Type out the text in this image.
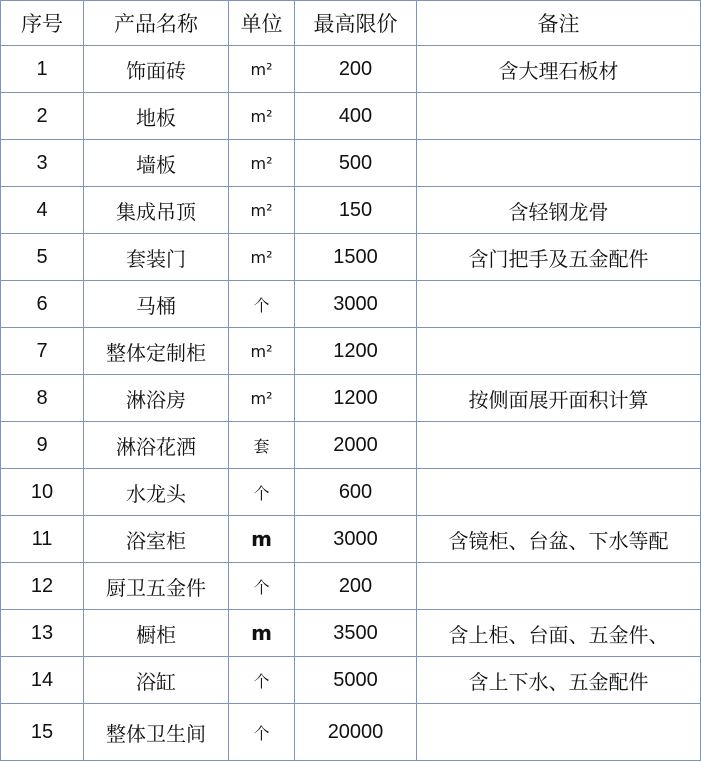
序号	产品名称	单位	最高限价	备注
1	饰面砖	m²	200	含大理石板材
2	地板	m²	400	
3	墙板	m²	500	
4	集成吊顶	m²	150	含轻钢龙骨
5	套装门	m²	1500	含门把手及五金配件
6	马桶	个	3000	
7	整体定制柜	m²	1200	
8	淋浴房	m²	1200	按侧面展开面积计算
9	淋浴花洒	套	2000	
10	水龙头	个	600	
11	浴室柜	m	3000	含镜柜、台盆、下水等配
12	厨卫五金件	个	200	
13	橱柜	m	3500	含上柜、台面、五金件、
14	浴缸	个	5000	含上下水、五金配件
15	整体卫生间	个	20000	
